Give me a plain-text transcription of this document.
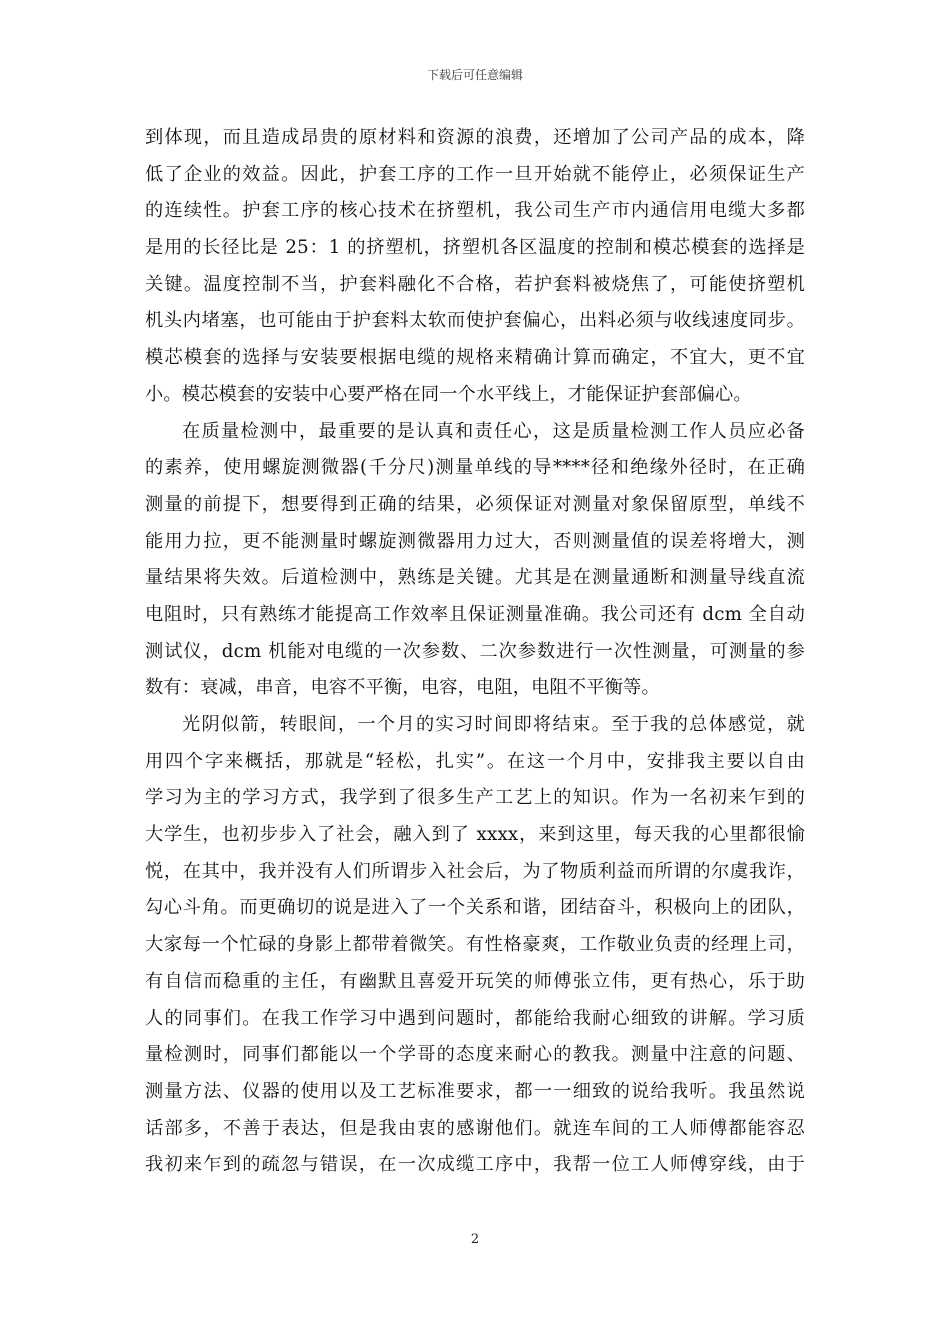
下载后可任意编辑
到体现，而且造成昂贵的原材料和资源的浪费，还增加了公司产品的成本，降
低了企业的效益。因此，护套工序的工作一旦开始就不能停止，必须保证生产
的连续性。护套工序的核心技术在挤塑机，我公司生产市内通信用电缆大多都
是用的长径比是 25：1 的挤塑机，挤塑机各区温度的控制和模芯模套的选择是
关键。温度控制不当，护套料融化不合格，若护套料被烧焦了，可能使挤塑机
机头内堵塞，也可能由于护套料太软而使护套偏心，出料必须与收线速度同步。
模芯模套的选择与安装要根据电缆的规格来精确计算而确定，不宜大，更不宜
小。模芯模套的安装中心要严格在同一个水平线上，才能保证护套部偏心。
在质量检测中，最重要的是认真和责任心，这是质量检测工作人员应必备
的素养，使用螺旋测微器(千分尺)测量单线的导****径和绝缘外径时，在正确
测量的前提下，想要得到正确的结果，必须保证对测量对象保留原型，单线不
能用力拉，更不能测量时螺旋测微器用力过大，否则测量值的误差将增大，测
量结果将失效。后道检测中，熟练是关键。尤其是在测量通断和测量导线直流
电阻时，只有熟练才能提高工作效率且保证测量准确。我公司还有 dcm 全自动
测试仪，dcm 机能对电缆的一次参数、二次参数进行一次性测量，可测量的参
数有：衰减，串音，电容不平衡，电容，电阻，电阻不平衡等。
光阴似箭，转眼间，一个月的实习时间即将结束。至于我的总体感觉，就
用四个字来概括，那就是“轻松，扎实”。在这一个月中，安排我主要以自由
学习为主的学习方式，我学到了很多生产工艺上的知识。作为一名初来乍到的
大学生，也初步步入了社会，融入到了 xxxx，来到这里，每天我的心里都很愉
悦，在其中，我并没有人们所谓步入社会后，为了物质利益而所谓的尔虞我诈，
勾心斗角。而更确切的说是进入了一个关系和谐，团结奋斗，积极向上的团队，
大家每一个忙碌的身影上都带着微笑。有性格豪爽，工作敬业负责的经理上司，
有自信而稳重的主任，有幽默且喜爱开玩笑的师傅张立伟，更有热心，乐于助
人的同事们。在我工作学习中遇到问题时，都能给我耐心细致的讲解。学习质
量检测时，同事们都能以一个学哥的态度来耐心的教我。测量中注意的问题、
测量方法、仪器的使用以及工艺标准要求，都一一细致的说给我听。我虽然说
话部多，不善于表达，但是我由衷的感谢他们。就连车间的工人师傅都能容忍
我初来乍到的疏忽与错误，在一次成缆工序中，我帮一位工人师傅穿线，由于
2
